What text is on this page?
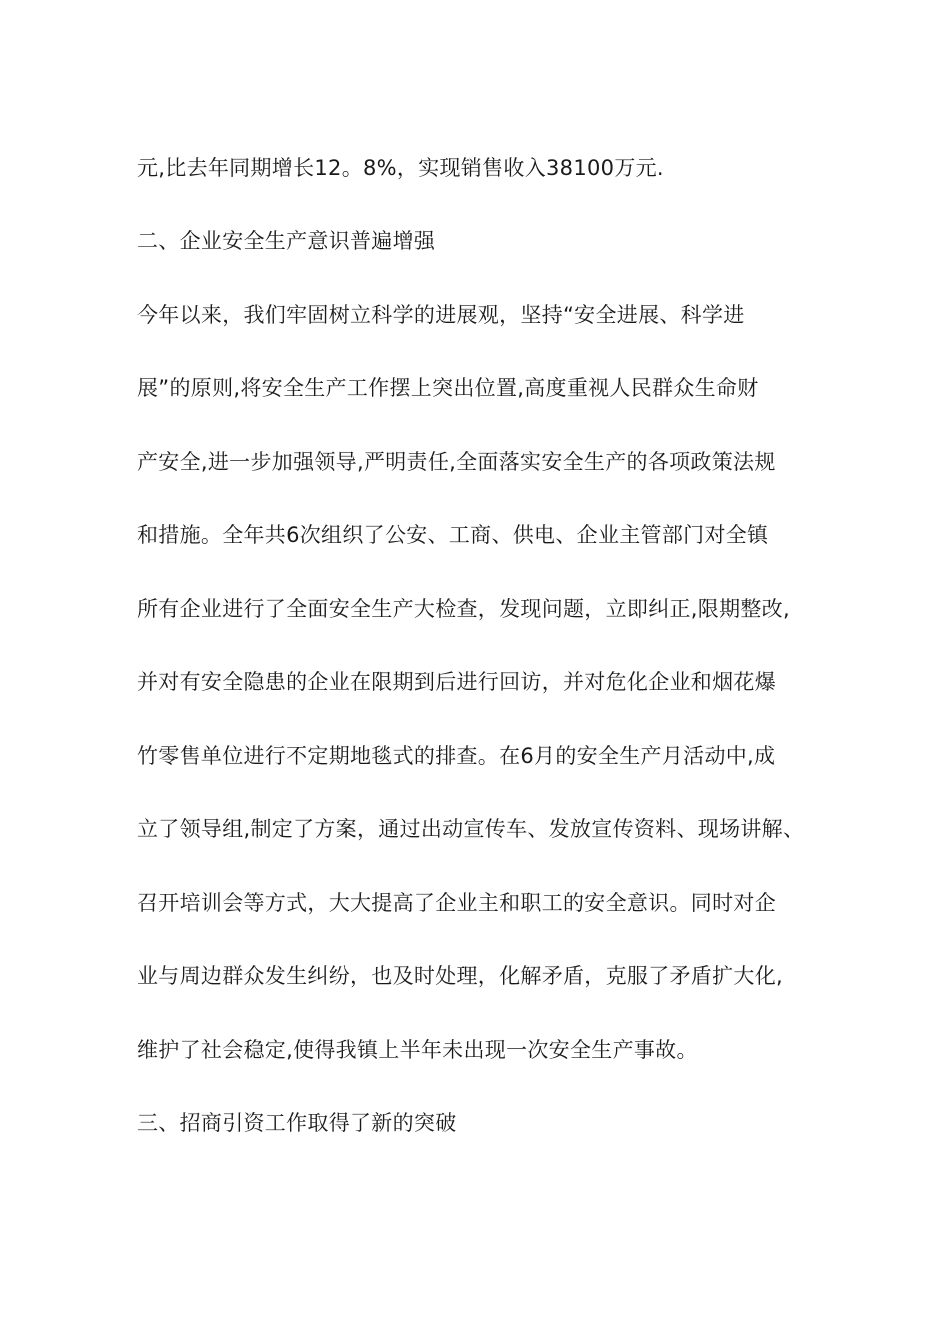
元,比去年同期增长12。8%，实现销售收入38100万元.
二、企业安全生产意识普遍增强
今年以来，我们牢固树立科学的进展观，坚持“安全进展、科学进
展”的原则,将安全生产工作摆上突出位置,高度重视人民群众生命财
产安全,进一步加强领导,严明责任,全面落实安全生产的各项政策法规
和措施。全年共6次组织了公安、工商、供电、企业主管部门对全镇
所有企业进行了全面安全生产大检查，发现问题，立即纠正,限期整改,
并对有安全隐患的企业在限期到后进行回访，并对危化企业和烟花爆
竹零售单位进行不定期地毯式的排查。在6月的安全生产月活动中,成
立了领导组,制定了方案，通过出动宣传车、发放宣传资料、现场讲解、
召开培训会等方式，大大提高了企业主和职工的安全意识。同时对企
业与周边群众发生纠纷，也及时处理，化解矛盾，克服了矛盾扩大化,
维护了社会稳定,使得我镇上半年未出现一次安全生产事故。
三、招商引资工作取得了新的突破
